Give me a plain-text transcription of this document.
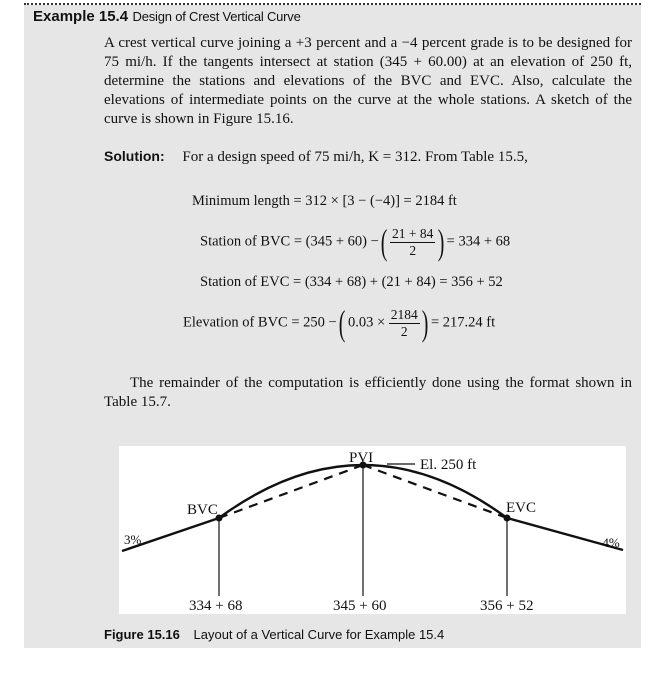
Example 15.4 Design of Crest Vertical Curve
A crest vertical curve joining a +3 percent and a −4 percent grade is to be designed for 75 mi/h. If the tangents intersect at station (345 + 60.00) at an elevation of 250 ft, determine the stations and elevations of the BVC and EVC. Also, calculate the elevations of intermediate points on the curve at the whole stations. A sketch of the curve is shown in Figure 15.16.
Solution: For a design speed of 75 mi/h, K = 312. From Table 15.5,
Minimum length = 312 × [3 − (−4)] = 2184 ft
Station of BVC = (345 + 60) − ( $\frac{21 + 84}{2}$ ) = 334 + 68
Station of EVC = (334 + 68) + (21 + 84) = 356 + 52
Elevation of BVC = 250 − ( $0.03 \times \frac{2184}{2}$ ) = 217.24 ft
The remainder of the computation is efficiently done using the format shown in Table 15.7.
PVI	El. 250 ft
BVC	EVC
3%	-4%
334 + 68	345 + 60	356 + 52
Figure 15.16 Layout of a Vertical Curve for Example 15.4
